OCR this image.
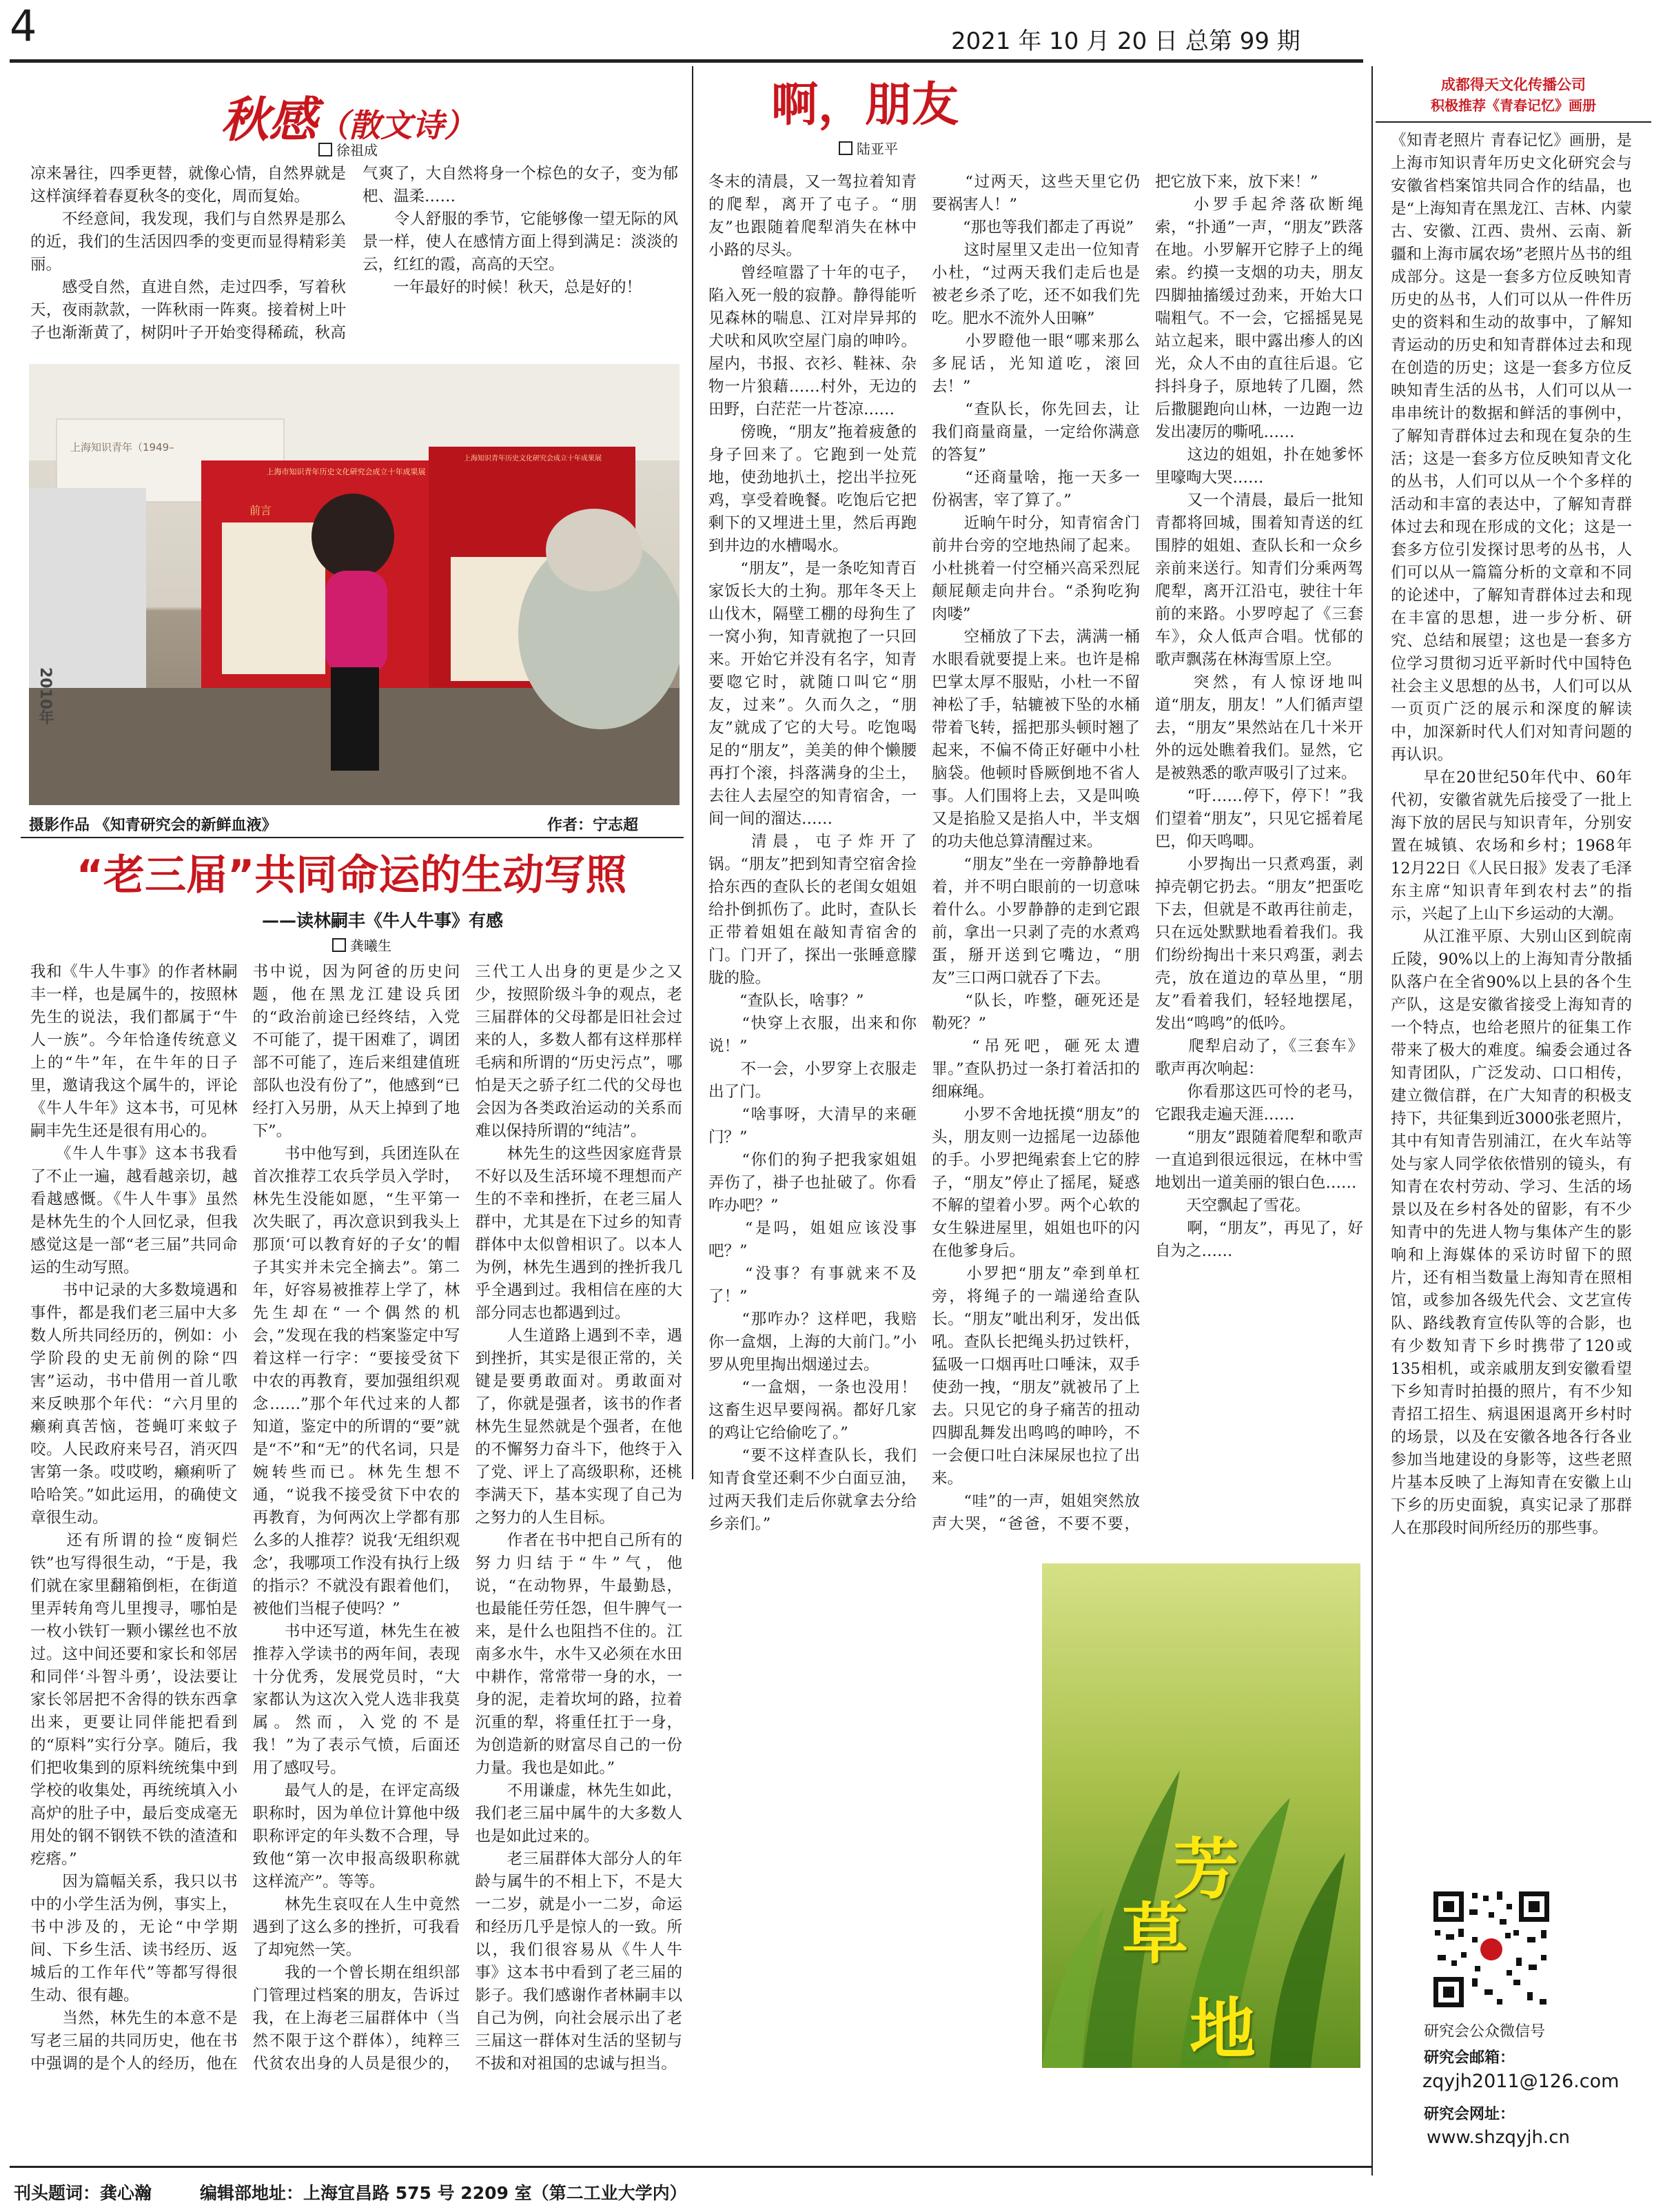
4	2021 年 10 月 20 日 总第 99 期
秋感（散文诗）
徐祖成
凉来暑往，四季更替，就像心情，自然界就是这样演绎着春夏秋冬的变化，周而复始。
　　不经意间，我发现，我们与自然界是那么的近，我们的生活因四季的变更而显得精彩美丽。
　　感受自然，直进自然，走过四季，写着秋天，夜雨款款，一阵秋雨一阵爽。接着树上叶子也渐渐黄了，树阴叶子开始变得稀疏，秋高气爽了，大自然将身一个棕色的女子，变为郁杷、温柔……
　　令人舒服的季节，它能够像一望无际的风景一样，使人在感情方面上得到满足：淡淡的云，红红的霞，高高的天空。
　　一年最好的时候！秋天，总是好的！
上海知识青年（1949–
上海市知识青年历史文化研究会成立十年成果展
上海知识青年历史文化研究会成立十年成果展
前言
2010年
摄影作品 《知青研究会的新鲜血液》	作者：宁志超
“老三届”共同命运的生动写照
——读林嗣丰《牛人牛事》有感
龚曦生
我和《牛人牛事》的作者林嗣丰一样，也是属牛的，按照林先生的说法，我们都属于“牛人一族”。今年恰逢传统意义上的“牛”年，在牛年的日子里，邀请我这个属牛的，评论《牛人牛年》这本书，可见林嗣丰先生还是很有用心的。
　　《牛人牛事》这本书我看了不止一遍，越看越亲切，越看越感慨。《牛人牛事》虽然是林先生的个人回忆录，但我感觉这是一部“老三届”共同命运的生动写照。
　　书中记录的大多数境遇和事件，都是我们老三届中大多数人所共同经历的，例如：小学阶段的史无前例的除“四害”运动，书中借用一首儿歌来反映那个年代：“六月里的癞痢真苦恼，苍蝇叮来蚊子咬。人民政府来号召，消灭四害第一条。哎哎哟，癞痢听了哈哈笑。”如此运用，的确使文章很生动。
　　还有所谓的捡“废铜烂铁”也写得很生动，“于是，我们就在家里翻箱倒柜，在街道里弄转角弯儿里搜寻，哪怕是一枚小铁钉一颗小镙丝也不放过。这中间还要和家长和邻居和同伴‘斗智斗勇’，设法要让家长邻居把不舍得的铁东西拿出来，更要让同伴能把看到的“原料”实行分享。随后，我们把收集到的原料统统集中到学校的收集处，再统统填入小高炉的肚子中，最后变成毫无用处的钢不钢铁不铁的渣渣和疙瘩。”
　　因为篇幅关系，我只以书中的小学生活为例，事实上，书中涉及的，无论“中学期间、下乡生活、读书经历、返城后的工作年代”等都写得很生动、很有趣。
　　当然，林先生的本意不是写老三届的共同历史，他在书中强调的是个人的经历，他在书中说，因为阿爸的历史问题，他在黑龙江建设兵团的“政治前途已经终结，入党不可能了，提干困难了，调团部不可能了，连后来组建值班部队也没有份了”，他感到“已经打入另册，从天上掉到了地下”。
　　书中他写到，兵团连队在首次推荐工农兵学员入学时，林先生没能如愿，“生平第一次失眠了，再次意识到我头上那顶‘可以教育好的子女’的帽子其实并未完全摘去”。第二年，好容易被推荐上学了，林先生却在“一个偶然的机会，”发现在我的档案鉴定中写着这样一行字：“要接受贫下中农的再教育，要加强组织观念……”那个年代过来的人都知道，鉴定中的所谓的“要”就是“不”和“无”的代名词，只是婉转些而已。林先生想不通，“说我不接受贫下中农的再教育，为何两次上学都有那么多的人推荐？说我‘无组织观念’，我哪项工作没有执行上级的指示？不就没有跟着他们，被他们当棍子使吗？”
　　书中还写道，林先生在被推荐入学读书的两年间，表现十分优秀，发展党员时，“大家都认为这次入党人选非我莫属。然而，入党的不是我！”为了表示气愤，后面还用了感叹号。
　　最气人的是，在评定高级职称时，因为单位计算他中级职称评定的年头数不合理，导致他“第一次申报高级职称就这样流产”。等等。
　　林先生哀叹在人生中竟然遇到了这么多的挫折，可我看了却宛然一笑。
　　我的一个曾长期在组织部门管理过档案的朋友，告诉过我，在上海老三届群体中（当然不限于这个群体），纯粹三代贫农出身的人员是很少的，三代工人出身的更是少之又少，按照阶级斗争的观点，老三届群体的父母都是旧社会过来的人，多数人都有这样那样毛病和所谓的“历史污点”，哪怕是天之骄子红二代的父母也会因为各类政治运动的关系而难以保持所谓的“纯洁”。
　　林先生的这些因家庭背景不好以及生活环境不理想而产生的不幸和挫折，在老三届人群中，尤其是在下过乡的知青群体中太似曾相识了。以本人为例，林先生遇到的挫折我几乎全遇到过。我相信在座的大部分同志也都遇到过。
　　人生道路上遇到不幸，遇到挫折，其实是很正常的，关键是要勇敢面对。勇敢面对了，你就是强者，该书的作者林先生显然就是个强者，在他的不懈努力奋斗下，他终于入了党、评上了高级职称，还桃李满天下，基本实现了自己为之努力的人生目标。
　　作者在书中把自己所有的努力归结于“牛”气，他说，“在动物界，牛最勤恳，也最能任劳任怨，但牛脾气一来，是什么也阻挡不住的。江南多水牛，水牛又必须在水田中耕作，常常带一身的水，一身的泥，走着坎坷的路，拉着沉重的犁，将重任扛于一身，为创造新的财富尽自己的一份力量。我也是如此。”
　　不用谦虚，林先生如此，我们老三届中属牛的大多数人也是如此过来的。
　　老三届群体大部分人的年龄与属牛的不相上下，不是大一二岁，就是小一二岁，命运和经历几乎是惊人的一致。所以，我们很容易从《牛人牛事》这本书中看到了老三届的影子。我们感谢作者林嗣丰以自己为例，向社会展示出了老三届这一群体对生活的坚韧与不拔和对祖国的忠诚与担当。

啊，朋友
陆亚平
冬末的清晨，又一驾拉着知青的爬犁，离开了屯子。“朋友”也跟随着爬犁消失在林中小路的尽头。
　　曾经喧嚣了十年的屯子，陷入死一般的寂静。静得能听见森林的喘息、江对岸异邦的犬吠和风吹空屋门扇的呻吟。屋内，书报、衣衫、鞋袜、杂物一片狼藉……村外，无边的田野，白茫茫一片苍凉……
　　傍晚，“朋友”拖着疲惫的身子回来了。它跑到一处荒地，使劲地扒土，挖出半拉死鸡，享受着晚餐。吃饱后它把剩下的又埋进土里，然后再跑到井边的水槽喝水。
　　“朋友”，是一条吃知青百家饭长大的土狗。那年冬天上山伐木，隔壁工棚的母狗生了一窝小狗，知青就抱了一只回来。开始它并没有名字，知青要唿它时，就随口叫它“朋友，过来”。久而久之，“朋友”就成了它的大号。吃饱喝足的“朋友”，美美的伸个懒腰再打个滚，抖落满身的尘土，去往人去屋空的知青宿舍，一间一间的溜达……
　　清晨，屯子炸开了锅。“朋友”把到知青空宿舍捡拾东西的查队长的老闺女姐姐给扑倒抓伤了。此时，查队长正带着姐姐在敲知青宿舍的门。门开了，探出一张睡意朦胧的脸。
　　“查队长，啥事？”
　　“快穿上衣服，出来和你说！”
　　不一会，小罗穿上衣服走出了门。
　　“啥事呀，大清早的来砸门？”
　　“你们的狗子把我家姐姐弄伤了，褂子也扯破了。你看咋办吧？”
　　“是吗，姐姐应该没事吧？”
　　“没事？有事就来不及了！”
　　“那咋办？这样吧，我赔你一盒烟，上海的大前门。”小罗从兜里掏出烟递过去。
　　“一盒烟，一条也没用！这畜生迟早要闯祸。都好几家的鸡让它给偷吃了。”
　　“要不这样查队长，我们知青食堂还剩不少白面豆油，过两天我们走后你就拿去分给乡亲们。”
　　“过两天，这些天里它仍要祸害人！”
　　“那也等我们都走了再说”
　　这时屋里又走出一位知青小杜，“过两天我们走后也是被老乡杀了吃，还不如我们先吃。肥水不流外人田嘛”
　　小罗瞪他一眼“哪来那么多屁话，光知道吃，滚回去！”
　　“查队长，你先回去，让我们商量商量，一定给你满意的答复”
　　“还商量啥，拖一天多一份祸害，宰了算了。”
　　近晌午时分，知青宿舍门前井台旁的空地热闹了起来。小杜挑着一付空桶兴高采烈屁颠屁颠走向井台。“杀狗吃狗肉喽”
　　空桶放了下去，满满一桶水眼看就要提上来。也许是棉巴掌太厚不服贴，小杜一不留神松了手，轱辘被下坠的水桶带着飞转，摇把那头顿时翘了起来，不偏不倚正好砸中小杜脑袋。他顿时昏厥倒地不省人事。人们围将上去，又是叫唤又是掐脸又是掐人中，半支烟的功夫他总算清醒过来。
　　“朋友”坐在一旁静静地看着，并不明白眼前的一切意味着什么。小罗静静的走到它跟前，拿出一只剥了壳的水煮鸡蛋，掰开送到它嘴边，“朋友”三口两口就吞了下去。
　　“队长，咋整，砸死还是勒死？”
　　“吊死吧，砸死太遭罪。”查队扔过一条打着活扣的细麻绳。
　　小罗不舍地抚摸“朋友”的头，朋友则一边摇尾一边舔他的手。小罗把绳索套上它的脖子，“朋友”停止了摇尾，疑惑不解的望着小罗。两个心软的女生躲进屋里，姐姐也吓的闪在他爹身后。
　　小罗把“朋友”牵到单杠旁，将绳子的一端递给查队长。“朋友”呲出利牙，发出低吼。查队长把绳头扔过铁杆，猛吸一口烟再吐口唾沫，双手使劲一拽，“朋友”就被吊了上去。只见它的身子痛苦的扭动四脚乱舞发出鸣鸣的呻吟，不一会便口吐白沫屎尿也拉了出来。
　　“哇”的一声，姐姐突然放声大哭，“爸爸，不要不要，把它放下来，放下来！”
　　小罗手起斧落砍断绳索，“扑通”一声，“朋友”跌落在地。小罗解开它脖子上的绳索。约摸一支烟的功夫，朋友四脚抽搐缓过劲来，开始大口喘粗气。不一会，它摇摇晃晃站立起来，眼中露出瘆人的凶光，众人不由的直往后退。它抖抖身子，原地转了几圈，然后撒腿跑向山林，一边跑一边发出凄厉的嘶吼……
　　这边的姐姐，扑在她爹怀里嚎啕大哭……
　　又一个清晨，最后一批知青都将回城，围着知青送的红围脖的姐姐、查队长和一众乡亲前来送行。知青们分乘两驾爬犁，离开江沿屯，驶往十年前的来路。小罗哼起了《三套车》，众人低声合唱。忧郁的歌声飘荡在林海雪原上空。
　　突然，有人惊讶地叫道“朋友，朋友！”人们循声望去，“朋友”果然站在几十米开外的远处瞧着我们。显然，它是被熟悉的歌声吸引了过来。
　　“吁……停下，停下！”我们望着“朋友”，只见它摇着尾巴，仰天鸣唧。
　　小罗掏出一只煮鸡蛋，剥掉壳朝它扔去。“朋友”把蛋吃下去，但就是不敢再往前走，只在远处默默地看着我们。我们纷纷掏出十来只鸡蛋，剥去壳，放在道边的草丛里，“朋友”看着我们，轻轻地摆尾，发出“鸣鸣”的低吟。
　　爬犁启动了，《三套车》歌声再次响起：
　　你看那这匹可怜的老马，它跟我走遍天涯……
　　“朋友”跟随着爬犁和歌声一直追到很远很远，在林中雪地划出一道美丽的银白色……
　　天空飘起了雪花。
　　啊，“朋友”，再见了，好自为之……
芳
草
地
成都得天文化传播公司
积极推荐《青春记忆》画册
《知青老照片 青春记忆》画册，是上海市知识青年历史文化研究会与安徽省档案馆共同合作的结晶，也是“上海知青在黑龙江、吉林、内蒙古、安徽、江西、贵州、云南、新疆和上海市属农场”老照片丛书的组成部分。这是一套多方位反映知青历史的丛书，人们可以从一件件历史的资料和生动的故事中，了解知青运动的历史和知青群体过去和现在创造的历史；这是一套多方位反映知青生活的丛书，人们可以从一串串统计的数据和鲜活的事例中，了解知青群体过去和现在复杂的生活；这是一套多方位反映知青文化的丛书，人们可以从一个个多样的活动和丰富的表达中，了解知青群体过去和现在形成的文化；这是一套多方位引发探讨思考的丛书，人们可以从一篇篇分析的文章和不同的论述中，了解知青群体过去和现在丰富的思想，进一步分析、研究、总结和展望；这也是一套多方位学习贯彻习近平新时代中国特色社会主义思想的丛书，人们可以从一页页广泛的展示和深度的解读中，加深新时代人们对知青问题的再认识。
　　早在20世纪50年代中、60年代初，安徽省就先后接受了一批上海下放的居民与知识青年，分别安置在城镇、农场和乡村；1968年12月22日《人民日报》发表了毛泽东主席“知识青年到农村去”的指示，兴起了上山下乡运动的大潮。
　　从江淮平原、大别山区到皖南丘陵，90%以上的上海知青分散插队落户在全省90%以上县的各个生产队，这是安徽省接受上海知青的一个特点，也给老照片的征集工作带来了极大的难度。编委会通过各知青团队，广泛发动、口口相传，建立微信群，在广大知青的积极支持下，共征集到近3000张老照片，其中有知青告别浦江，在火车站等处与家人同学依依惜别的镜头，有知青在农村劳动、学习、生活的场景以及在乡村各处的留影，有不少知青中的先进人物与集体产生的影响和上海媒体的采访时留下的照片，还有相当数量上海知青在照相馆，或参加各级先代会、文艺宣传队、路线教育宣传队等的合影，也有少数知青下乡时携带了120或135相机，或亲戚朋友到安徽看望下乡知青时拍摄的照片，有不少知青招工招生、病退困退离开乡村时的场景，以及在安徽各地各行各业参加当地建设的身影等，这些老照片基本反映了上海知青在安徽上山下乡的历史面貌，真实记录了那群人在那段时间所经历的那些事。
研究会公众微信号
研究会邮箱：
zqyjh2011@126.com
研究会网址：
www.shzqyjh.cn
刊头题词：龚心瀚	编辑部地址：上海宜昌路 575 号 2209 室（第二工业大学内）
